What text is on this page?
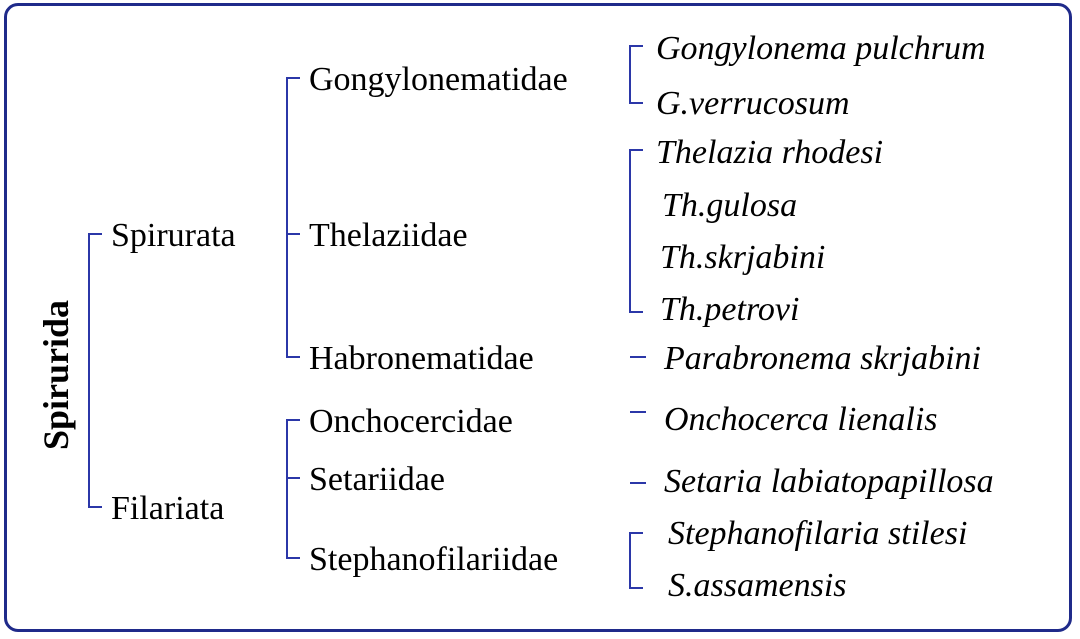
Spirurida
Spirurata
Filariata
Gongylonematidae
Thelaziidae
Habronematidae
Onchocercidae
Setariidae
Stephanofilariidae
Gongylonema pulchrum
G.verrucosum
Thelazia rhodesi
Th.gulosa
Th.skrjabini
Th.petrovi
Parabronema skrjabini
Onchocerca lienalis
Setaria labiatopapillosa
Stephanofilaria stilesi
S.assamensis
